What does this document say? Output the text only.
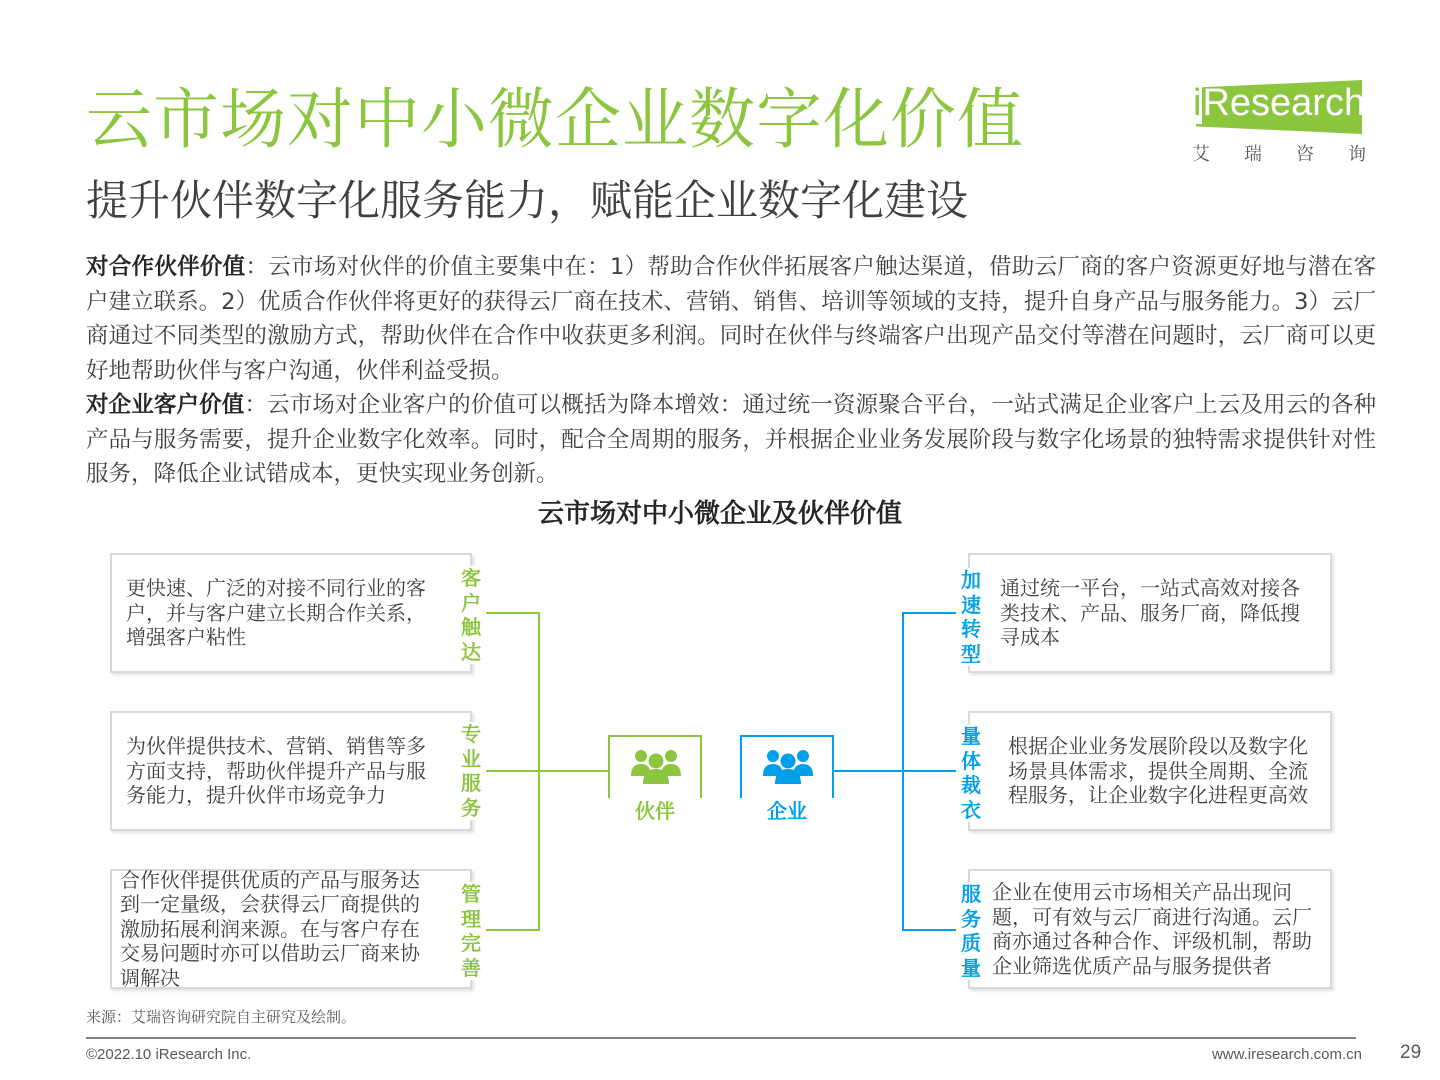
云市场对中小微企业数字化价值
提升伙伴数字化服务能力，赋能企业数字化建设
iResearch
艾瑞咨询

对合作伙伴价值：云市场对伙伴的价值主要集中在：1）帮助合作伙伴拓展客户触达渠道，借助云厂商的客户资源更好地与潜在客户建立联系。2）优质合作伙伴将更好的获得云厂商在技术、营销、销售、培训等领域的支持，提升自身产品与服务能力。3）云厂商通过不同类型的激励方式，帮助伙伴在合作中收获更多利润。同时在伙伴与终端客户出现产品交付等潜在问题时，云厂商可以更好地帮助伙伴与客户沟通，伙伴利益受损。

对企业客户价值：云市场对企业客户的价值可以概括为降本增效：通过统一资源聚合平台，一站式满足企业客户上云及用云的各种产品与服务需要，提升企业数字化效率。同时，配合全周期的服务，并根据企业业务发展阶段与数字化场景的独特需求提供针对性服务，降低企业试错成本，更快实现业务创新。

云市场对中小微企业及伙伴价值
更快速、广泛的对接不同行业的客户，并与客户建立长期合作关系，增强客户粘性
为伙伴提供技术、营销、销售等多方面支持，帮助伙伴提升产品与服务能力，提升伙伴市场竞争力
合作伙伴提供优质的产品与服务达到一定量级，会获得云厂商提供的激励拓展利润来源。在与客户存在交易问题时亦可以借助云厂商来协调解决
客户触达
专业服务
管理完善
通过统一平台，一站式高效对接各类技术、产品、服务厂商，降低搜寻成本
根据企业业务发展阶段以及数字化场景具体需求，提供全周期、全流程服务，让企业数字化进程更高效
企业在使用云市场相关产品出现问题，可有效与云厂商进行沟通。云厂商亦通过各种合作、评级机制，帮助企业筛选优质产品与服务提供者
加速转型
量体裁衣
服务质量
伙伴	企业
来源：艾瑞咨询研究院自主研究及绘制。
©2022.10 iResearch Inc.	www.iresearch.com.cn 29
